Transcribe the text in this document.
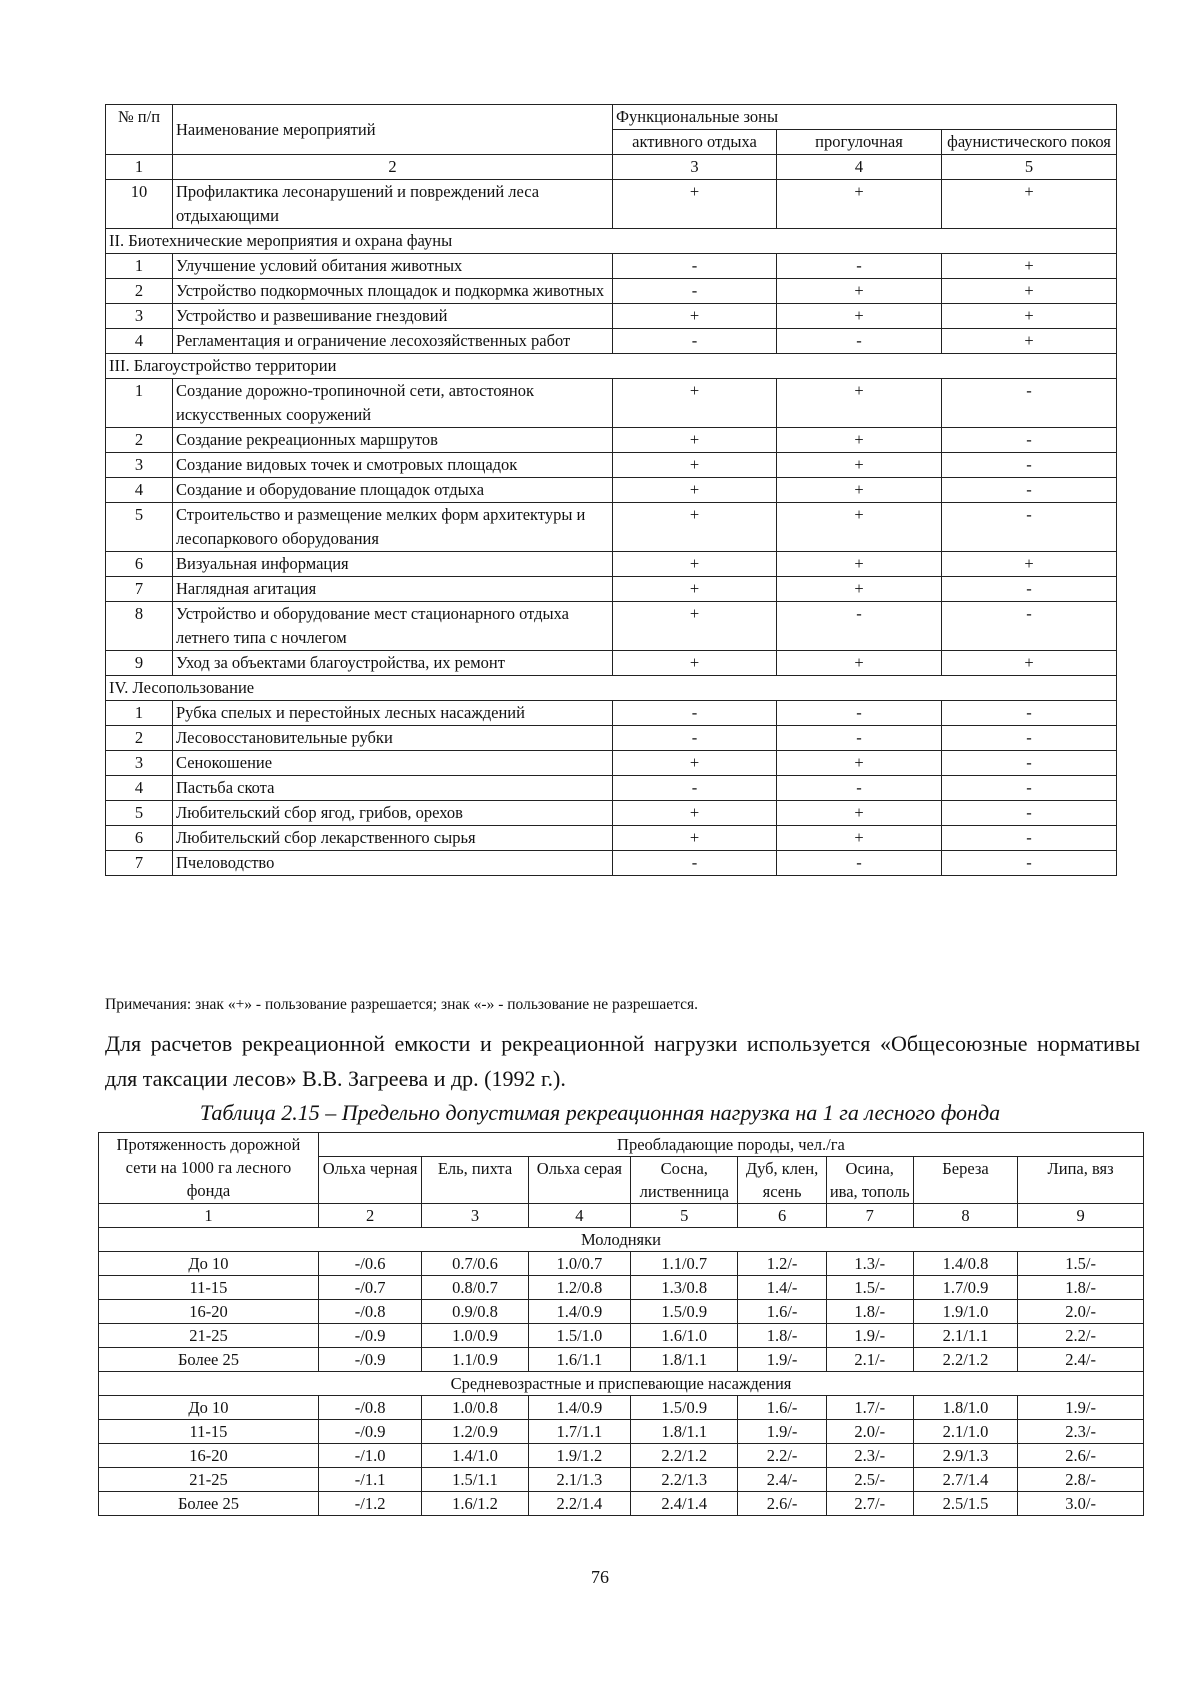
№ п/п	Наименование мероприятий	Функциональные зоны		
		активного отдыха	прогулочная	фаунистического покоя
1	2	3	4	5
10	Профилактика лесонарушений и повреждений леса отдыхающими	+	+	+
II. Биотехнические мероприятия и охрана фауны				
1	Улучшение условий обитания животных	-	-	+
2	Устройство подкормочных площадок и подкормка животных	-	+	+
3	Устройство и развешивание гнездовий	+	+	+
4	Регламентация и ограничение лесохозяйственных работ	-	-	+
III. Благоустройство территории				
1	Создание дорожно-тропиночной сети, автостоянок искусственных сооружений	+	+	-
2	Создание рекреационных маршрутов	+	+	-
3	Создание видовых точек и смотровых площадок	+	+	-
4	Создание и оборудование площадок отдыха	+	+	-
5	Строительство и размещение мелких форм архитектуры и лесопаркового оборудования	+	+	-
6	Визуальная информация	+	+	+
7	Наглядная агитация	+	+	-
8	Устройство и оборудование мест стационарного отдыха летнего типа с ночлегом	+	-	-
9	Уход за объектами благоустройства, их ремонт	+	+	+
IV. Лесопользование				
1	Рубка спелых и перестойных лесных насаждений	-	-	-
2	Лесовосстановительные рубки	-	-	-
3	Сенокошение	+	+	-
4	Пастьба скота	-	-	-
5	Любительский сбор ягод, грибов, орехов	+	+	-
6	Любительский сбор лекарственного сырья	+	+	-
7	Пчеловодство	-	-	-
Примечания: знак «+» - пользование разрешается; знак «-» - пользование не разрешается.
Для расчетов рекреационной емкости и рекреационной нагрузки используется «Общесоюзные нормативы для таксации лесов» В.В. Загреева и др. (1992 г.).
Таблица 2.15 – Предельно допустимая рекреационная нагрузка на 1 га лесного фонда
Протяженность дорожной сети на 1000 га лесного фонда	Преобладающие породы, чел./га							
	Ольха черная	Ель, пихта	Ольха серая	Сосна, лиственница	Дуб, клен, ясень	Осина, ива, тополь	Береза	Липа, вяз
1	2	3	4	5	6	7	8	9
Молодняки								
До 10	-/0.6	0.7/0.6	1.0/0.7	1.1/0.7	1.2/-	1.3/-	1.4/0.8	1.5/-
11-15	-/0.7	0.8/0.7	1.2/0.8	1.3/0.8	1.4/-	1.5/-	1.7/0.9	1.8/-
16-20	-/0.8	0.9/0.8	1.4/0.9	1.5/0.9	1.6/-	1.8/-	1.9/1.0	2.0/-
21-25	-/0.9	1.0/0.9	1.5/1.0	1.6/1.0	1.8/-	1.9/-	2.1/1.1	2.2/-
Более 25	-/0.9	1.1/0.9	1.6/1.1	1.8/1.1	1.9/-	2.1/-	2.2/1.2	2.4/-
Средневозрастные и приспевающие насаждения								
До 10	-/0.8	1.0/0.8	1.4/0.9	1.5/0.9	1.6/-	1.7/-	1.8/1.0	1.9/-
11-15	-/0.9	1.2/0.9	1.7/1.1	1.8/1.1	1.9/-	2.0/-	2.1/1.0	2.3/-
16-20	-/1.0	1.4/1.0	1.9/1.2	2.2/1.2	2.2/-	2.3/-	2.9/1.3	2.6/-
21-25	-/1.1	1.5/1.1	2.1/1.3	2.2/1.3	2.4/-	2.5/-	2.7/1.4	2.8/-
Более 25	-/1.2	1.6/1.2	2.2/1.4	2.4/1.4	2.6/-	2.7/-	2.5/1.5	3.0/-
76
